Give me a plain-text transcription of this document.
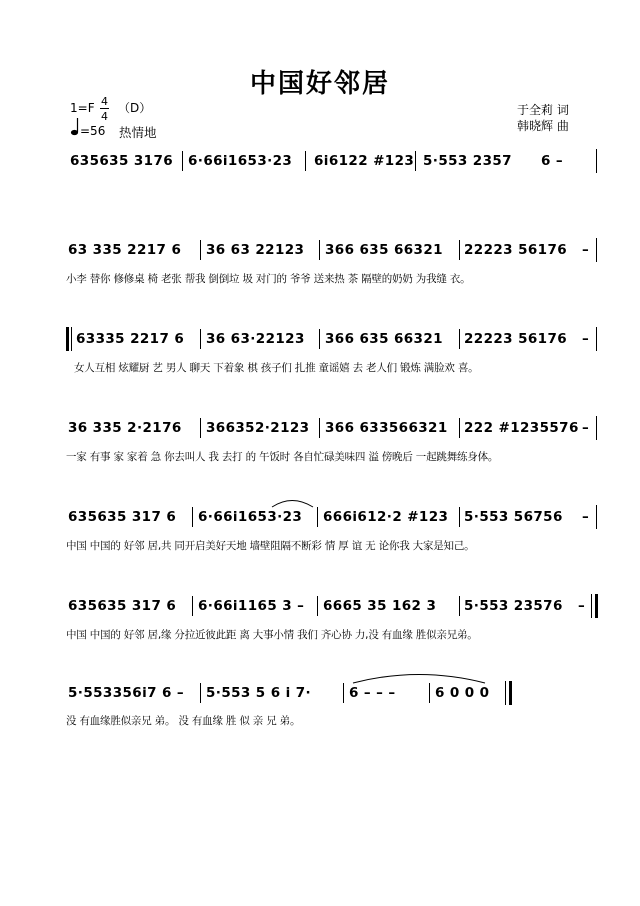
中国好邻居
1=F 4
4
（D）
=56 热情地
于全莉 词
韩晓辉 曲
635635 3176 6·66i1653·23 6i6122 #123 5·553 2357 6 –
63 335 2217 6 36 63 22123 366 635 66321 22223 56176 –
小李 替你 修修桌 椅 老张 帮我 倒倒垃 圾 对门的 爷爷 送来热 茶 隔壁的奶奶 为我缝 衣。
63335 2217 6 36 63·22123 366 635 66321 22223 56176 –
女人互相 炫耀厨 艺 男人 聊天 下着象 棋 孩子们 扎推 童谣嬉 去 老人们 锻炼 满脸欢 喜。
36 335 2·2176 366352·2123 366 633566321 222 #1235576 –
一家 有事 家 家着 急 你去叫人 我 去打 的 午饭时 各自忙碌美味四 溢 傍晚后 一起跳舞练身体。
635635 317 6 6·66i1653·23 666i612·2 #123 5·553 56756 –
中国 中国的 好邻 居,共 同开启美好天地 墙壁阻隔不断彩 情 厚 谊 无 论你我 大家是知己。
635635 317 6 6·66i1165 3 – 6665 35 162 3 5·553 23576 –
中国 中国的 好邻 居,缘 分拉近彼此距 离 大事小情 我们 齐心协 力,没 有血缘 胜似亲兄弟。
5·553356i7 6 – 5·553 5 6 i 7·	6 – – –	6 0 0 0
没 有血缘胜似亲兄 弟。 没 有血缘 胜 似 亲 兄 弟。
